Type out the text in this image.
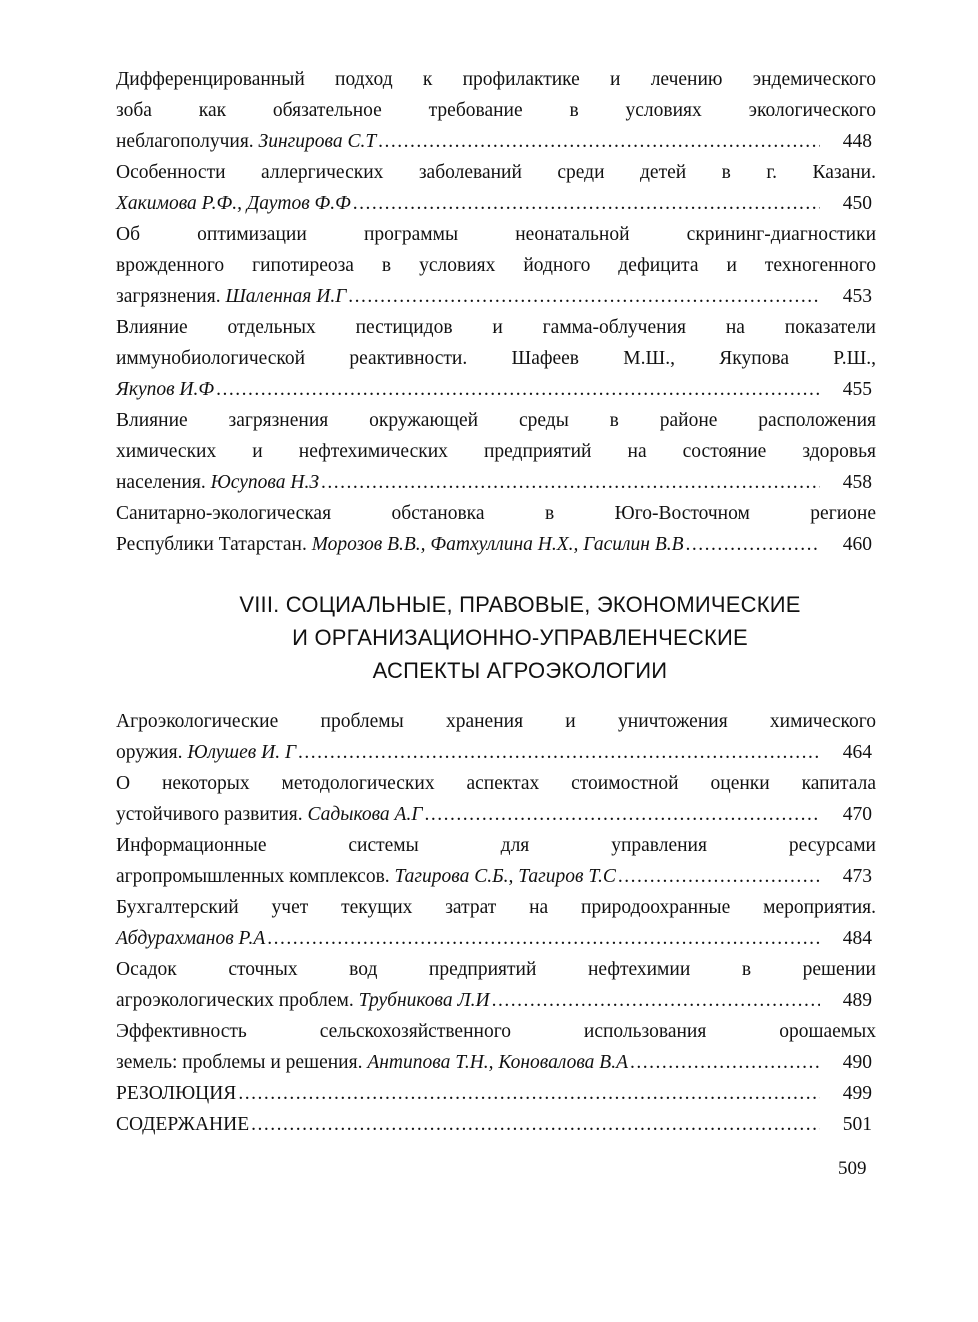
Дифференцированный подход к профилактике и лечению эндемического
зоба как обязательное требование в условиях экологического
неблагополучия. Зингирова С.Т .....	448
Особенности аллергических заболеваний среди детей в г. Казани.
Хакимова Р.Ф., Даутов Ф.Ф .....	450
Об оптимизации программы неонатальной скрининг-диагностики
врожденного гипотиреоза в условиях йодного дефицита и техногенного
загрязнения. Шаленная И.Г .....	453
Влияние отдельных пестицидов и гамма-облучения на показатели
иммунобиологической реактивности. Шафеев М.Ш., Якупова Р.Ш.,
Якупов И.Ф .....	455
Влияние загрязнения окружающей среды в районе расположения
химических и нефтехимических предприятий на состояние здоровья
населения. Юсупова Н.З .....	458
Санитарно-экологическая обстановка в Юго-Восточном регионе
Республики Татарстан. Морозов В.В., Фатхуллина Н.Х., Гасилин В.В .....	460
VIII. СОЦИАЛЬНЫЕ, ПРАВОВЫЕ, ЭКОНОМИЧЕСКИЕ
И ОРГАНИЗАЦИОННО-УПРАВЛЕНЧЕСКИЕ
АСПЕКТЫ АГРОЭКОЛОГИИ
Агроэкологические проблемы хранения и уничтожения химического
оружия. Юлушев И. Г .....	464
О некоторых методологических аспектах стоимостной оценки капитала
устойчивого развития. Садыкова А.Г .....	470
Информационные системы для управления ресурсами
агропромышленных комплексов. Тагирова С.Б., Тагиров Т.С .....	473
Бухгалтерский учет текущих затрат на природоохранные мероприятия.
Абдурахманов Р.А .....	484
Осадок сточных вод предприятий нефтехимии в решении
агроэкологических проблем. Трубникова Л.И .....	489
Эффективность сельскохозяйственного использования орошаемых
земель: проблемы и решения. Антипова Т.Н., Коновалова В.А .....	490
РЕЗОЛЮЦИЯ .....	499
СОДЕРЖАНИЕ .....	501
509
